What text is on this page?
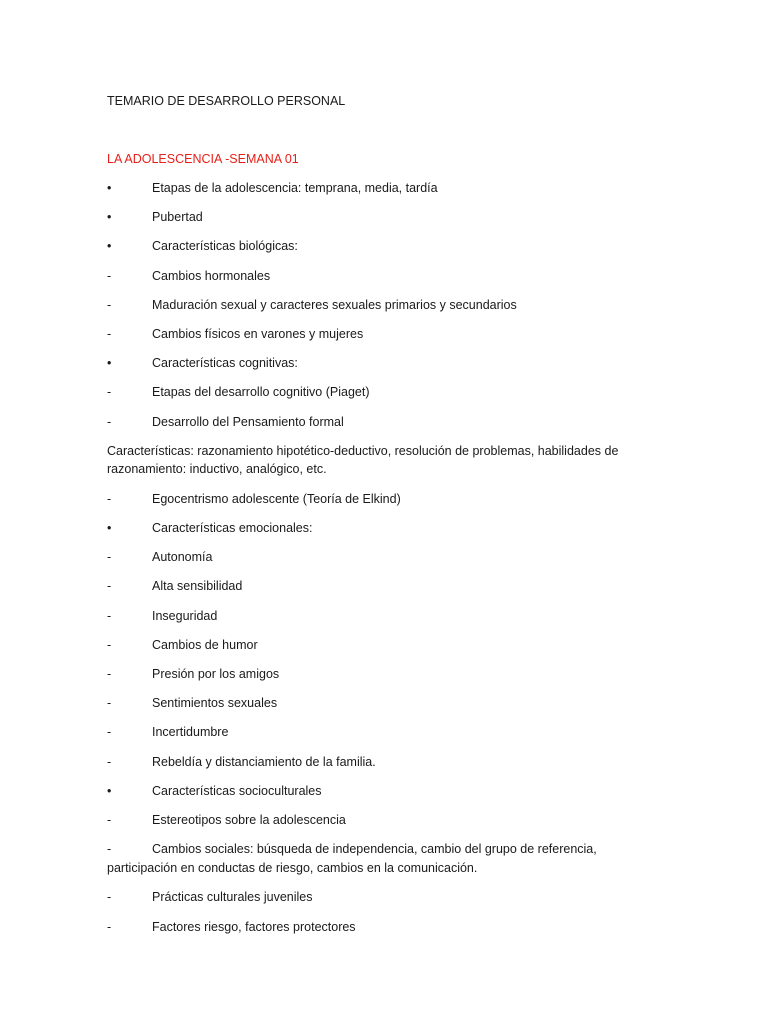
TEMARIO DE DESARROLLO PERSONAL
LA ADOLESCENCIA -SEMANA 01
•	Etapas de la adolescencia: temprana, media, tardía
•	Pubertad
•	Características biológicas:
-	Cambios hormonales
-	Maduración sexual y caracteres sexuales primarios y secundarios
-	Cambios físicos en varones y mujeres
•	Características cognitivas:
-	Etapas del desarrollo cognitivo (Piaget)
-	Desarrollo del Pensamiento formal
Características: razonamiento hipotético-deductivo, resolución de problemas, habilidades de razonamiento: inductivo, analógico, etc.
-	Egocentrismo adolescente (Teoría de Elkind)
•	Características emocionales:
-	Autonomía
-	Alta sensibilidad
-	Inseguridad
-	Cambios de humor
-	Presión por los amigos
-	Sentimientos sexuales
-	Incertidumbre
-	Rebeldía y distanciamiento de la familia.
•	Características socioculturales
-	Estereotipos sobre la adolescencia
-	Cambios sociales: búsqueda de independencia, cambio del grupo de referencia, participación en conductas de riesgo, cambios en la comunicación.
-	Prácticas culturales juveniles
-	Factores riesgo, factores protectores
